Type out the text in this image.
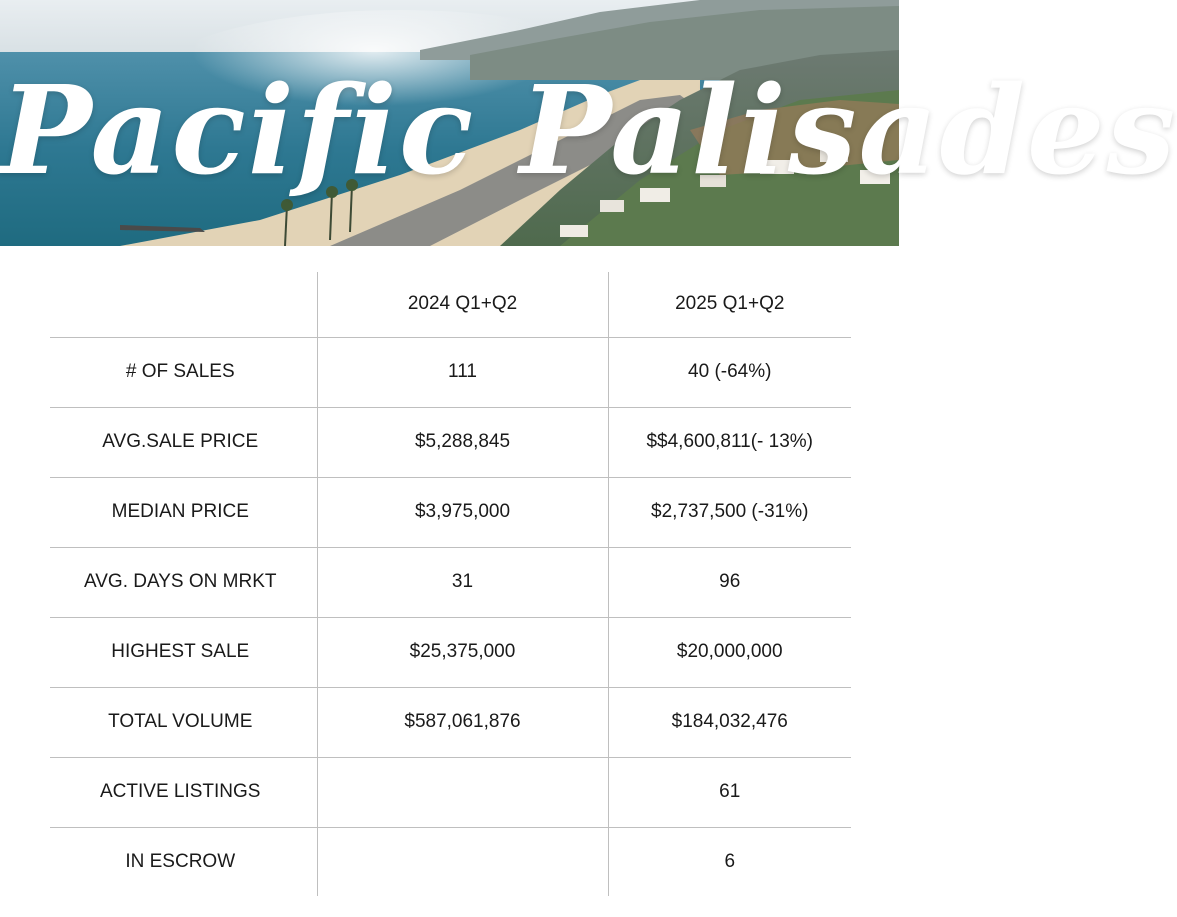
Pacific Palisades
	2024 Q1+Q2	2025 Q1+Q2
# OF SALES	111	40 (-64%)
AVG.SALE PRICE	$5,288,845	$$4,600,811(- 13%)
MEDIAN PRICE	$3,975,000	$2,737,500 (-31%)
AVG. DAYS ON MRKT	31	96
HIGHEST SALE	$25,375,000	$20,000,000
TOTAL VOLUME	$587,061,876	$184,032,476
ACTIVE LISTINGS		61
IN ESCROW		6
